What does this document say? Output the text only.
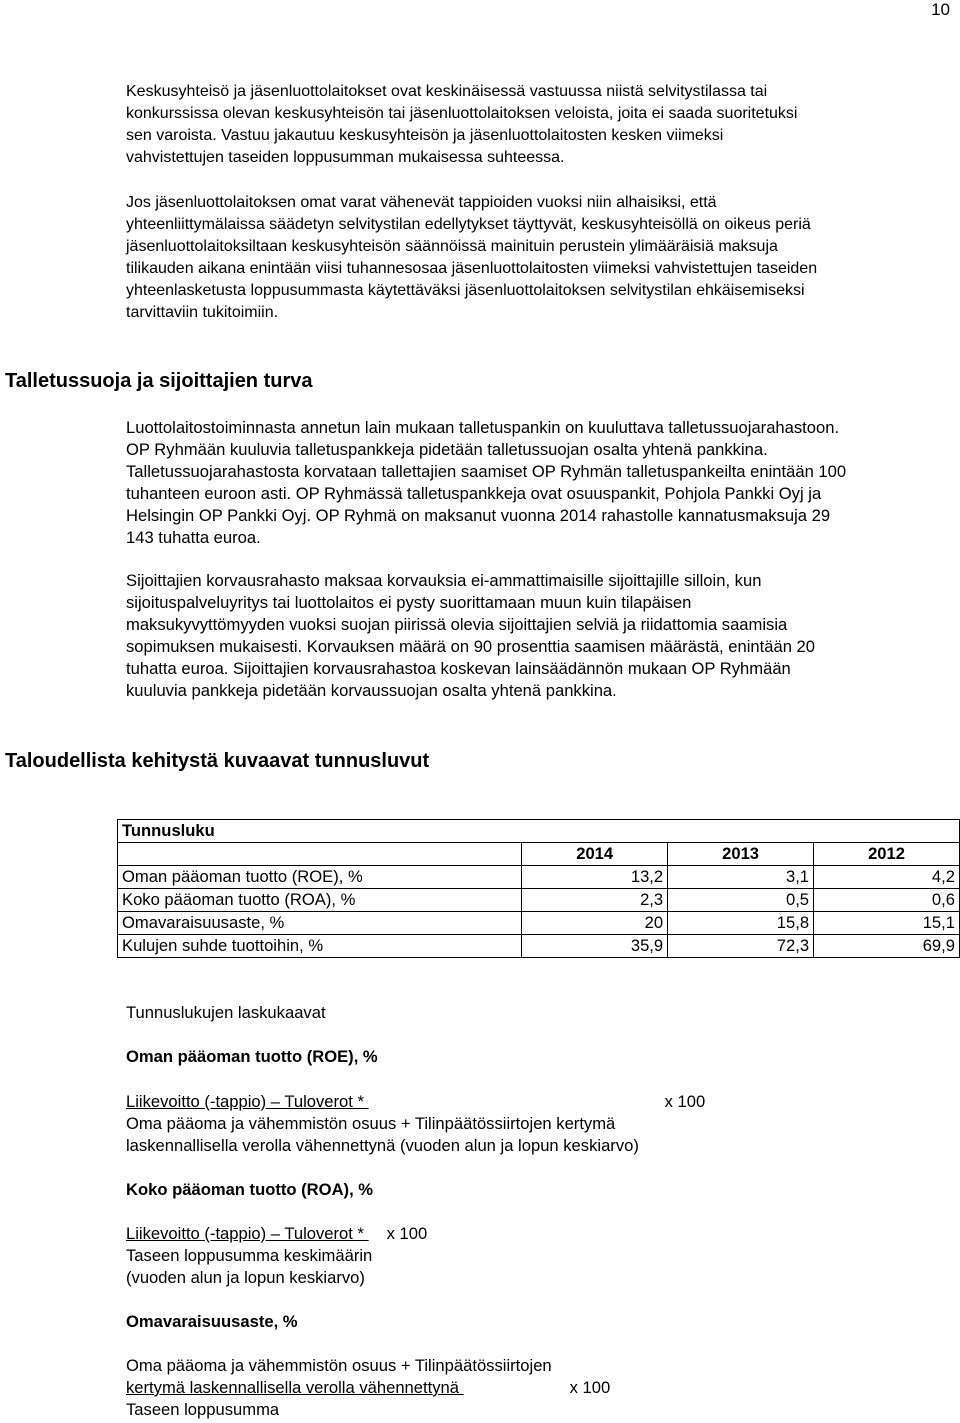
10

Keskusyhteisö ja jäsenluottolaitokset ovat keskinäisessä vastuussa niistä selvitystilassa tai
konkurssissa olevan keskusyhteisön tai jäsenluottolaitoksen veloista, joita ei saada suoritetuksi
sen varoista. Vastuu jakautuu keskusyhteisön ja jäsenluottolaitosten kesken viimeksi
vahvistettujen taseiden loppusumman mukaisessa suhteessa.

Jos jäsenluottolaitoksen omat varat vähenevät tappioiden vuoksi niin alhaisiksi, että
yhteenliittymälaissa säädetyn selvitystilan edellytykset täyttyvät, keskusyhteisöllä on oikeus periä
jäsenluottolaitoksiltaan keskusyhteisön säännöissä mainituin perustein ylimääräisiä maksuja
tilikauden aikana enintään viisi tuhannesosaa jäsenluottolaitosten viimeksi vahvistettujen taseiden
yhteenlasketusta loppusummasta käytettäväksi jäsenluottolaitoksen selvitystilan ehkäisemiseksi
tarvittaviin tukitoimiin.

Talletussuoja ja sijoittajien turva

Luottolaitostoiminnasta annetun lain mukaan talletuspankin on kuuluttava talletussuojarahastoon.
OP Ryhmään kuuluvia talletuspankkeja pidetään talletussuojan osalta yhtenä pankkina.
Talletussuojarahastosta korvataan tallettajien saamiset OP Ryhmän talletuspankeilta enintään 100
tuhanteen euroon asti. OP Ryhmässä talletuspankkeja ovat osuuspankit, Pohjola Pankki Oyj ja
Helsingin OP Pankki Oyj. OP Ryhmä on maksanut vuonna 2014 rahastolle kannatusmaksuja 29
143 tuhatta euroa.

Sijoittajien korvausrahasto maksaa korvauksia ei-ammattimaisille sijoittajille silloin, kun
sijoituspalveluyritys tai luottolaitos ei pysty suorittamaan muun kuin tilapäisen
maksukyvyttömyyden vuoksi suojan piirissä olevia sijoittajien selviä ja riidattomia saamisia
sopimuksen mukaisesti. Korvauksen määrä on 90 prosenttia saamisen määrästä, enintään 20
tuhatta euroa. Sijoittajien korvausrahastoa koskevan lainsäädännön mukaan OP Ryhmään
kuuluvia pankkeja pidetään korvaussuojan osalta yhtenä pankkina.

Taloudellista kehitystä kuvaavat tunnusluvut
Tunnusluku			
	2014	2013	2012
Oman pääoman tuotto (ROE), %	13,2	3,1	4,2
Koko pääoman tuotto (ROA), %	2,3	0,5	0,6
Omavaraisuusaste, %	20	15,8	15,1
Kulujen suhde tuottoihin, %	35,9	72,3	69,9

Tunnuslukujen laskukaavat

Oman pääoman tuotto (ROE), %

Liikevoitto (-tappio) – Tuloverot *	x 100
Oma pääoma ja vähemmistön osuus + Tilinpäätössiirtojen kertymä
laskennallisella verolla vähennettynä (vuoden alun ja lopun keskiarvo)

Koko pääoman tuotto (ROA), %

Liikevoitto (-tappio) – Tuloverot * x 100
Taseen loppusumma keskimäärin
(vuoden alun ja lopun keskiarvo)

Omavaraisuusaste, %

Oma pääoma ja vähemmistön osuus + Tilinpäätössiirtojen
kertymä laskennallisella verolla vähennettynä	x 100
Taseen loppusumma
